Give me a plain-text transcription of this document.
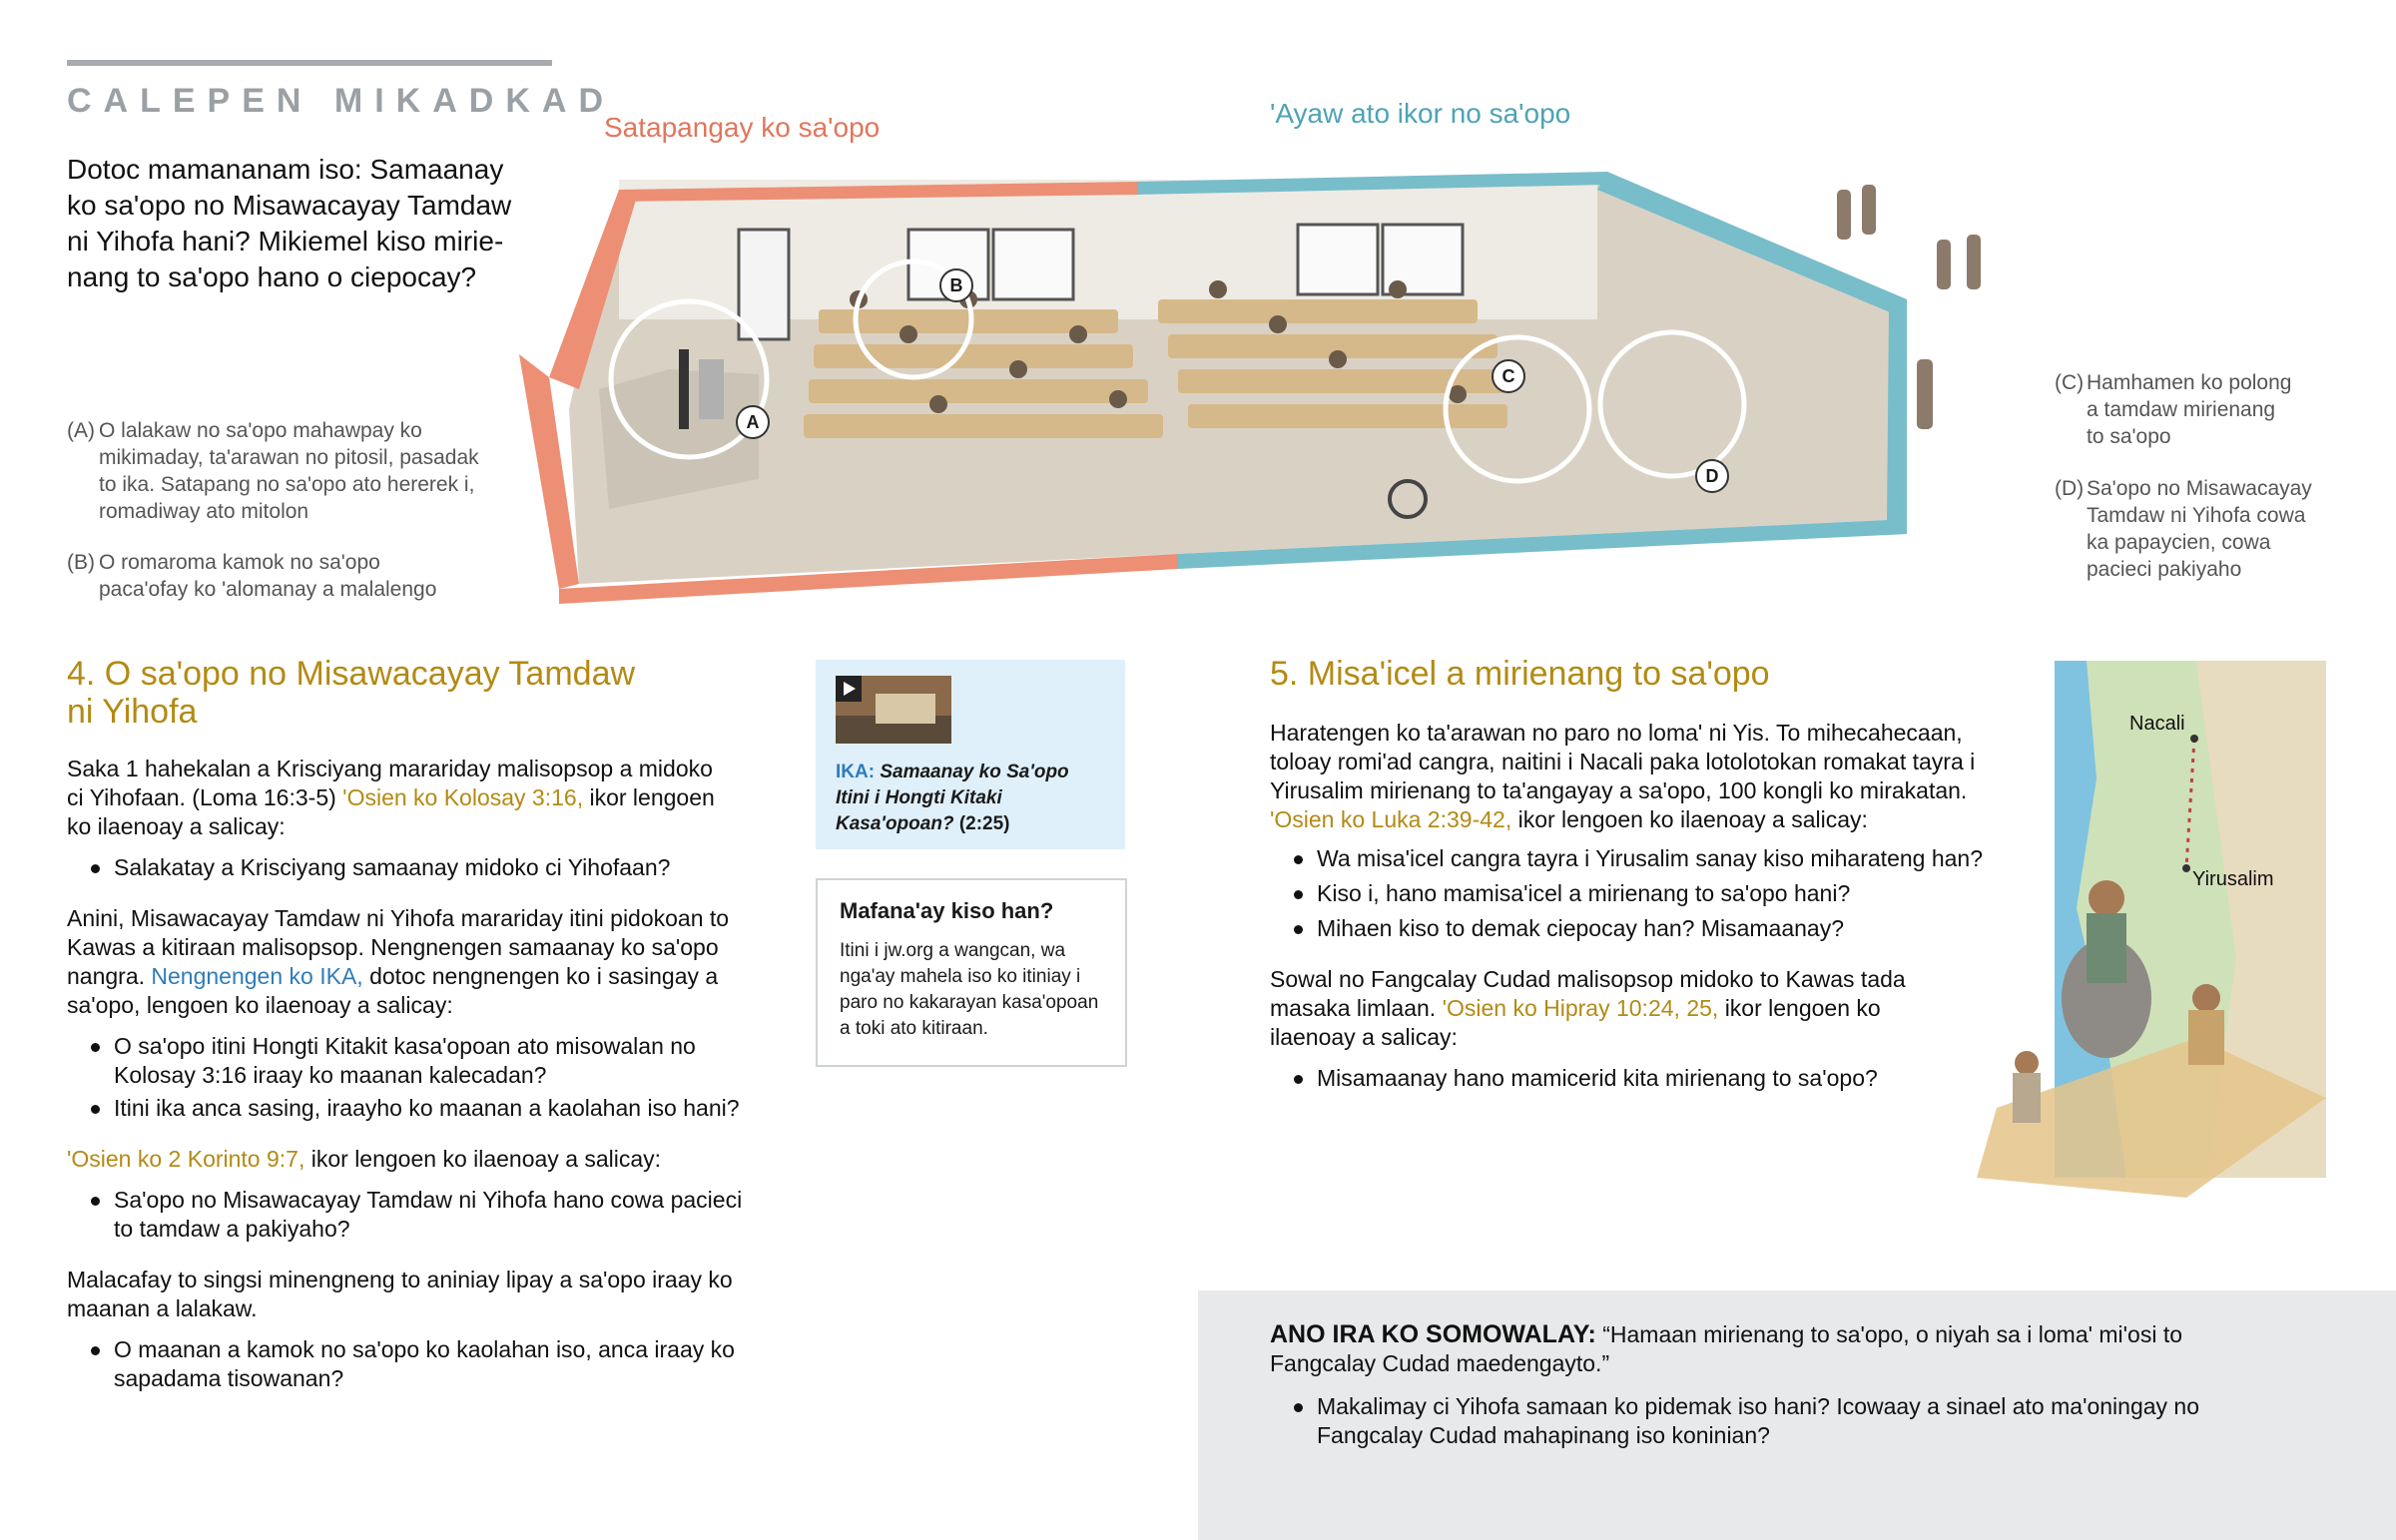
CALEPEN MIKADKAD
Dotoc mamananam iso: Samaanay ko sa'opo no Misawacayay Tamdaw ni Yihofa hani? Mikiemel kiso mirienang to sa'opo hano o ciepocay?
Satapangay ko sa'opo	'Ayaw ato ikor no sa'opo
A
B
C
D
(A) O lalakaw no sa'opo mahawpay ko mikimaday, ta'arawan no pitosil, pasadak to ika. Satapang no sa'opo ato hererek i, romadiway ato mitolon
(B) O romaroma kamok no sa'opo paca'ofay ko 'alomanay a malalengo
(C) Hamhamen ko polong a tamdaw mirienang to sa'opo
(D) Sa'opo no Misawacayay Tamdaw ni Yihofa cowa ka papaycien, cowa pacieci pakiyaho
4. O sa'opo no Misawacayay Tamdaw
ni Yihofa

Saka 1 hahekalan a Krisciyang marariday malisopsop a midoko ci Yihofaan. (Loma 16:3-5) 'Osien ko Kolosay 3:16, ikor lengoen ko ilaenoay a salicay:

Salakatay a Krisciyang samaanay midoko ci Yihofaan?

Anini, Misawacayay Tamdaw ni Yihofa marariday itini pidokoan to Kawas a kitiraan malisopsop. Nengnengen samaanay ko sa'opo nangra. Nengnengen ko IKA, dotoc nengnengen ko i sasingay a sa'opo, lengoen ko ilaenoay a salicay:

O sa'opo itini Hongti Kitakit kasa'opoan ato misowalan no Kolosay 3:16 iraay ko maanan kalecadan?
Itini ika anca sasing, iraayho ko maanan a kaolahan iso hani?

'Osien ko 2 Korinto 9:7, ikor lengoen ko ilaenoay a salicay:

Sa'opo no Misawacayay Tamdaw ni Yihofa hano cowa pacieci to tamdaw a pakiyaho?

Malacafay to singsi minengneng to aniniay lipay a sa'opo iraay ko maanan a lalakaw.

O maanan a kamok no sa'opo ko kaolahan iso, anca iraay ko sapadama tisowanan?
IKA: Samaanay ko Sa'opo Itini i Hongti Kitaki Kasa'opoan? (2:25)
Mafana'ay kiso han?
Itini i jw.org a wangcan, wa nga'ay mahela iso ko itiniay i paro no kakarayan kasa'opoan a toki ato kitiraan.
5. Misa'icel a mirienang to sa'opo

Haratengen ko ta'arawan no paro no loma' ni Yis. To mihecahecaan, toloay romi'ad cangra, naitini i Nacali paka lotolotokan romakat tayra i Yirusalim mirienang to ta'angayay a sa'opo, 100 kongli ko mirakatan. 'Osien ko Luka 2:39-42, ikor lengoen ko ilaenoay a salicay:

Wa misa'icel cangra tayra i Yirusalim sanay kiso miharateng han?
Kiso i, hano mamisa'icel a mirienang to sa'opo hani?
Mihaen kiso to demak ciepocay han? Misamaanay?

Sowal no Fangcalay Cudad malisopsop midoko to Kawas tada masaka limlaan. 'Osien ko Hipray 10:24, 25, ikor lengoen ko ilaenoay a salicay:

Misamaanay hano mamicerid kita mirienang to sa'opo?
Nacali
Yirusalim

ANO IRA KO SOMOWALAY: “Hamaan mirienang to sa'opo, o niyah sa i loma' mi'osi to Fangcalay Cudad maedengayto.”

Makalimay ci Yihofa samaan ko pidemak iso hani? Icowaay a sinael ato ma'oningay no Fangcalay Cudad mahapinang iso koninian?
